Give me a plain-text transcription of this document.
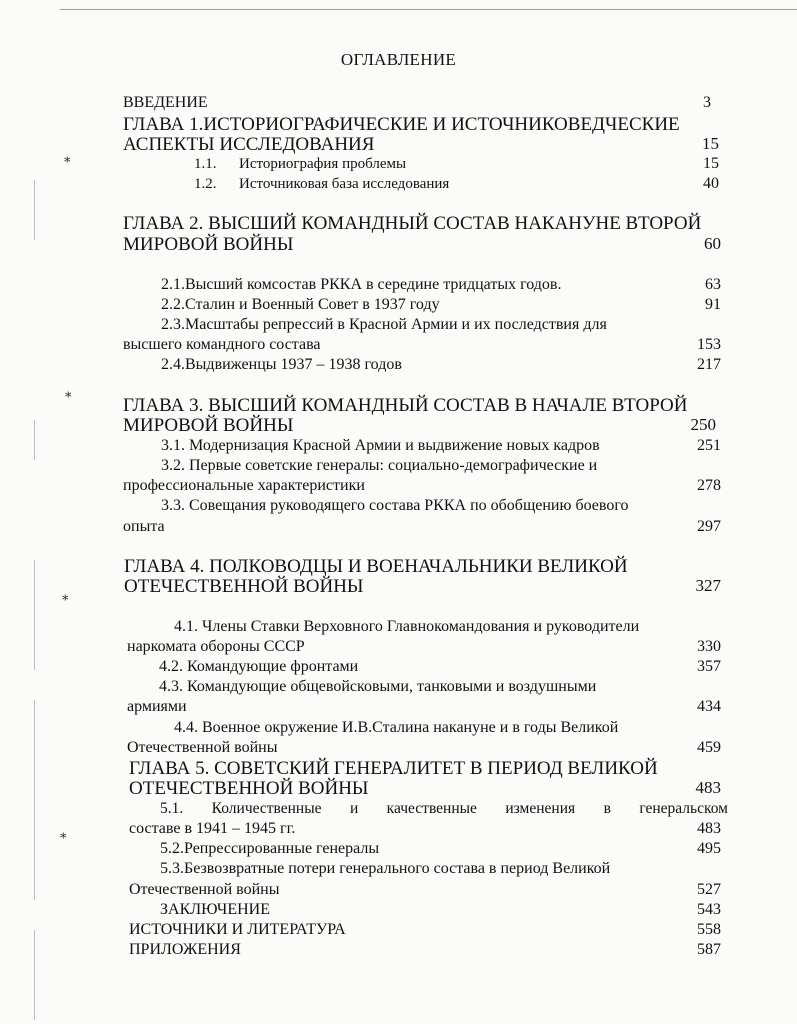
⁎
⁎
⁎
⁎
ОГЛАВЛЕНИЕ
ВВЕДЕНИЕ	3
ГЛАВА 1.ИСТОРИОГРАФИЧЕСКИЕ И ИСТОЧНИКОВЕДЧЕСКИЕ
АСПЕКТЫ ИССЛЕДОВАНИЯ	15
1.1. Историография проблемы	15
1.2. Источниковая база исследования	40
ГЛАВА 2. ВЫСШИЙ КОМАНДНЫЙ СОСТАВ НАКАНУНЕ ВТОРОЙ
МИРОВОЙ ВОЙНЫ	60
2.1.Высший комсостав РККА в середине тридцатых годов.	63
2.2.Сталин и Военный Совет в 1937 году	91
2.3.Масштабы репрессий в Красной Армии и их последствия для
высшего командного состава	153
2.4.Выдвиженцы 1937 – 1938 годов	217
ГЛАВА 3. ВЫСШИЙ КОМАНДНЫЙ СОСТАВ В НАЧАЛЕ ВТОРОЙ
МИРОВОЙ ВОЙНЫ	250
3.1. Модернизация Красной Армии и выдвижение новых кадров	251
3.2. Первые советские генералы: социально-демографические и
профессиональные характеристики	278
3.3. Совещания руководящего состава РККА по обобщению боевого
опыта	297
ГЛАВА 4. ПОЛКОВОДЦЫ И ВОЕНАЧАЛЬНИКИ ВЕЛИКОЙ
ОТЕЧЕСТВЕННОЙ ВОЙНЫ	327
4.1. Члены Ставки Верховного Главнокомандования и руководители
наркомата обороны СССР	330
4.2. Командующие фронтами	357
4.3. Командующие общевойсковыми, танковыми и воздушными
армиями	434
4.4. Военное окружение И.В.Сталина накануне и в годы Великой
Отечественной войны	459
ГЛАВА 5. СОВЕТСКИЙ ГЕНЕРАЛИТЕТ В ПЕРИОД ВЕЛИКОЙ
ОТЕЧЕСТВЕННОЙ ВОЙНЫ	483
5.1. Количественные и качественные изменения в генеральском
составе в 1941 – 1945 гг.	483
5.2.Репрессированные генералы	495
5.3.Безвозвратные потери генерального состава в период Великой
Отечественной войны	527
ЗАКЛЮЧЕНИЕ	543
ИСТОЧНИКИ И ЛИТЕРАТУРА	558
ПРИЛОЖЕНИЯ	587
